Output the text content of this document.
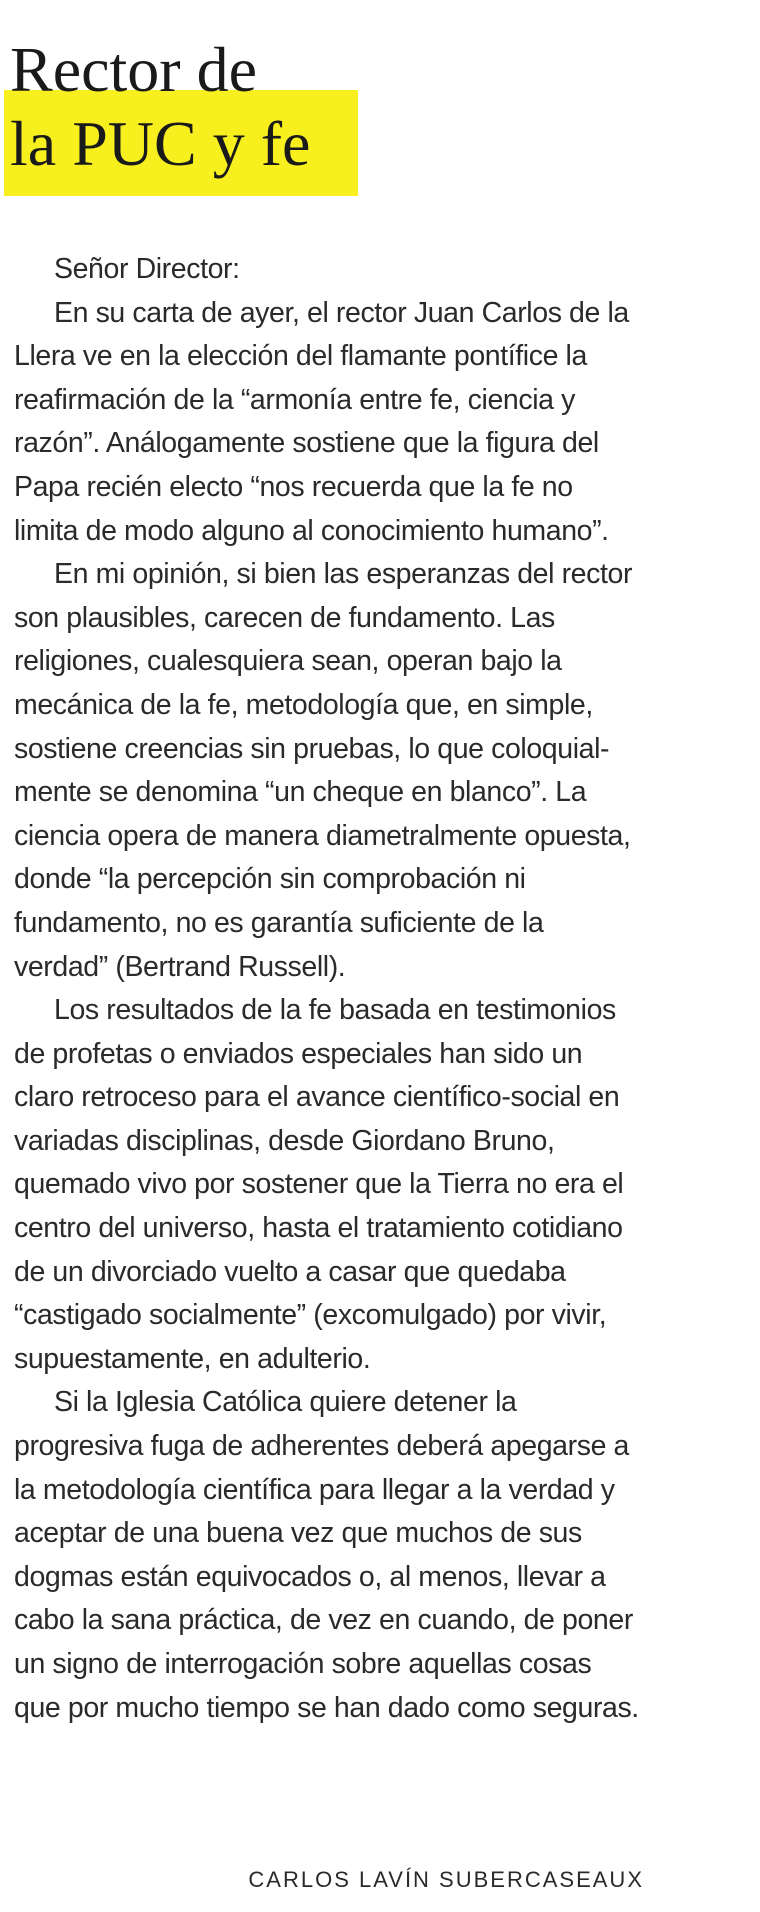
Rector de
la PUC y fe

Señor Director:

En su carta de ayer, el rector Juan Carlos de la Llera ve en la elección del flamante pontífice la reafirmación de la “armonía entre fe, ciencia y razón”. Análogamente sostiene que la figura del Papa recién electo “nos recuerda que la fe no limita de modo alguno al conocimiento humano”.

En mi opinión, si bien las esperanzas del rector son plausibles, carecen de fundamento. Las religiones, cualesquiera sean, operan bajo la mecánica de la fe, metodología que, en simple, sostiene creencias sin pruebas, lo que coloquialmente se denomina “un cheque en blanco”. La ciencia opera de manera diametralmente opuesta, donde “la percepción sin comprobación ni fundamento, no es garantía suficiente de la verdad” (Bertrand Russell).

Los resultados de la fe basada en testimonios de profetas o enviados especiales han sido un claro retroceso para el avance científico-social en variadas disciplinas, desde Giordano Bruno, quemado vivo por sostener que la Tierra no era el centro del universo, hasta el tratamiento cotidiano de un divorciado vuelto a casar que quedaba “castigado socialmente” (excomulgado) por vivir, supuestamente, en adulterio.

Si la Iglesia Católica quiere detener la progresiva fuga de adherentes deberá apegarse a la metodología científica para llegar a la verdad y aceptar de una buena vez que muchos de sus dogmas están equivocados o, al menos, llevar a cabo la sana práctica, de vez en cuando, de poner un signo de interrogación sobre aquellas cosas que por mucho tiempo se han dado como seguras.

CARLOS LAVÍN SUBERCASEAUX
